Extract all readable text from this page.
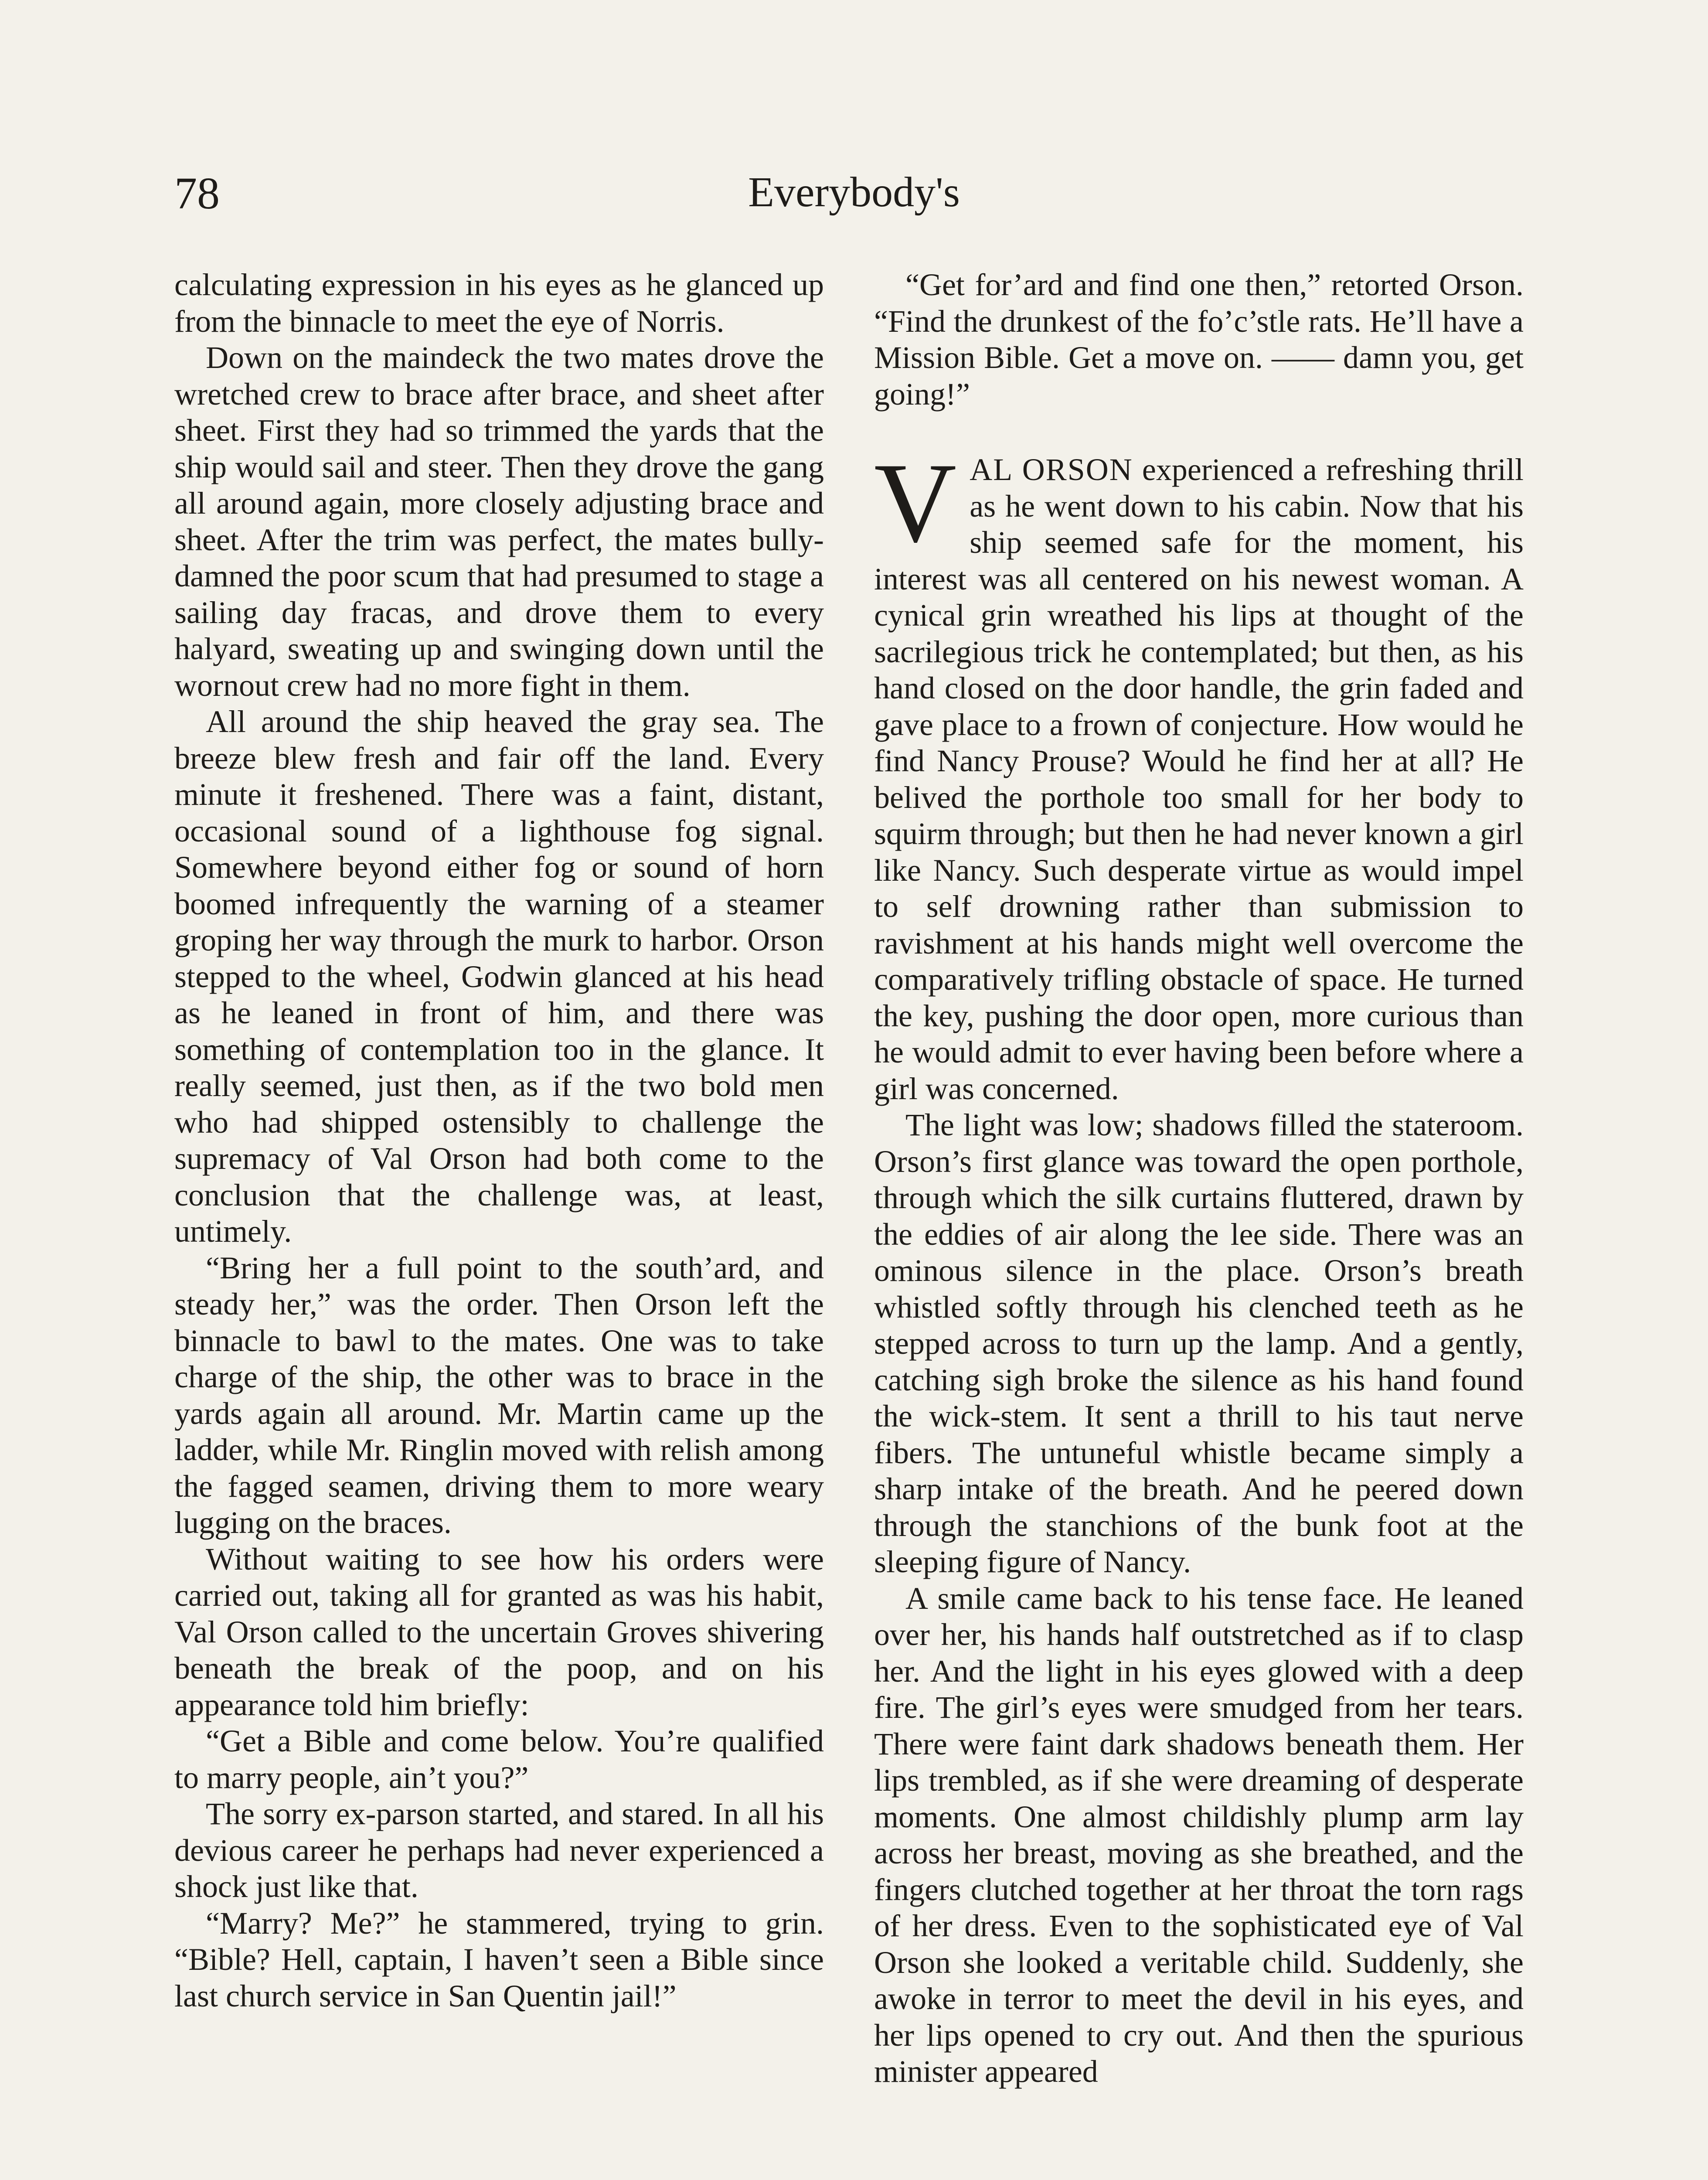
78	Everybody's

calculating expression in his eyes as he glanced up from the binnacle to meet the eye of Norris.

Down on the maindeck the two mates drove the wretched crew to brace after brace, and sheet after sheet. First they had so trimmed the yards that the ship would sail and steer. Then they drove the gang all around again, more closely adjusting brace and sheet. After the trim was perfect, the mates bully-damned the poor scum that had presumed to stage a sailing day fracas, and drove them to every halyard, sweating up and swinging down until the wornout crew had no more fight in them.

All around the ship heaved the gray sea. The breeze blew fresh and fair off the land. Every minute it freshened. There was a faint, distant, occasional sound of a lighthouse fog signal. Somewhere beyond either fog or sound of horn boomed infrequently the warning of a steamer groping her way through the murk to harbor. Orson stepped to the wheel, Godwin glanced at his head as he leaned in front of him, and there was something of contemplation too in the glance. It really seemed, just then, as if the two bold men who had shipped ostensibly to challenge the supremacy of Val Orson had both come to the conclusion that the challenge was, at least, untimely.

“Bring her a full point to the south’ard, and steady her,” was the order. Then Orson left the binnacle to bawl to the mates. One was to take charge of the ship, the other was to brace in the yards again all around. Mr. Martin came up the ladder, while Mr. Ringlin moved with relish among the fagged seamen, driving them to more weary lugging on the braces.

Without waiting to see how his orders were carried out, taking all for granted as was his habit, Val Orson called to the uncertain Groves shivering beneath the break of the poop, and on his appearance told him briefly:

“Get a Bible and come below. You’re qualified to marry people, ain’t you?”

The sorry ex-parson started, and stared. In all his devious career he perhaps had never experienced a shock just like that.

“Marry? Me?” he stammered, trying to grin. “Bible? Hell, captain, I haven’t seen a Bible since last church service in San Quentin jail!”

“Get for’ard and find one then,” retorted Orson. “Find the drunkest of the fo’c’stle rats. He’ll have a Mission Bible. Get a move on. —— damn you, get going!”

VAL ORSON experienced a refreshing thrill as he went down to his cabin. Now that his ship seemed safe for the moment, his interest was all centered on his newest woman. A cynical grin wreathed his lips at thought of the sacrilegious trick he contemplated; but then, as his hand closed on the door handle, the grin faded and gave place to a frown of conjecture. How would he find Nancy Prouse? Would he find her at all? He belived the porthole too small for her body to squirm through; but then he had never known a girl like Nancy. Such desperate virtue as would impel to self drowning rather than submission to ravishment at his hands might well overcome the comparatively trifling obstacle of space. He turned the key, pushing the door open, more curious than he would admit to ever having been before where a girl was concerned.

The light was low; shadows filled the stateroom. Orson’s first glance was toward the open porthole, through which the silk curtains fluttered, drawn by the eddies of air along the lee side. There was an ominous silence in the place. Orson’s breath whistled softly through his clenched teeth as he stepped across to turn up the lamp. And a gently, catching sigh broke the silence as his hand found the wick-stem. It sent a thrill to his taut nerve fibers. The untuneful whistle became simply a sharp intake of the breath. And he peered down through the stanchions of the bunk foot at the sleeping figure of Nancy.

A smile came back to his tense face. He leaned over her, his hands half outstretched as if to clasp her. And the light in his eyes glowed with a deep fire. The girl’s eyes were smudged from her tears. There were faint dark shadows beneath them. Her lips trembled, as if she were dreaming of desperate moments. One almost childishly plump arm lay across her breast, moving as she breathed, and the fingers clutched together at her throat the torn rags of her dress. Even to the sophisticated eye of Val Orson she looked a veritable child. Suddenly, she awoke in terror to meet the devil in his eyes, and her lips opened to cry out. And then the spurious minister appeared
